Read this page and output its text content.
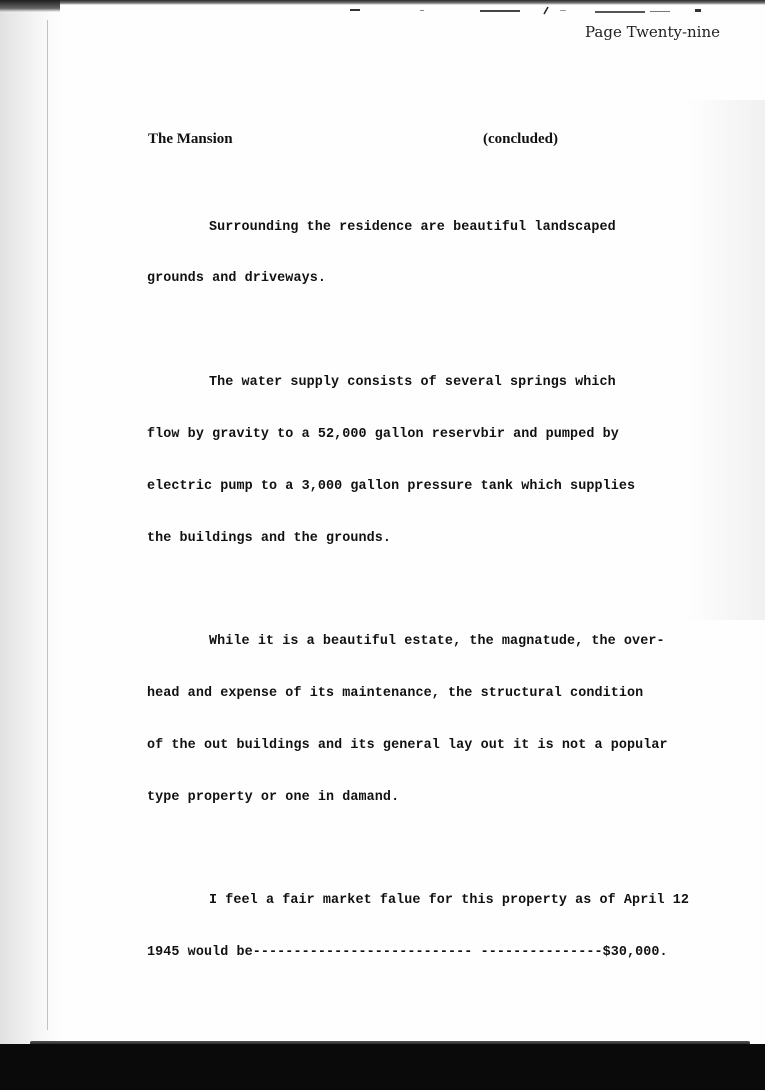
Page Twenty-nine
The Mansion	(concluded)

Surrounding the residence are beautiful landscaped

grounds and driveways.

The water supply consists of several springs which

flow by gravity to a 52,000 gallon reservbir and pumped by

electric pump to a 3,000 gallon pressure tank which supplies

the buildings and the grounds.

While it is a beautiful estate, the magnatude, the over-

head and expense of its maintenance, the structural condition

of the out buildings and its general lay out it is not a popular

type property or one in damand.

I feel a fair market falue for this property as of April 12

1945 would be--------------------------- ---------------$30,000.
